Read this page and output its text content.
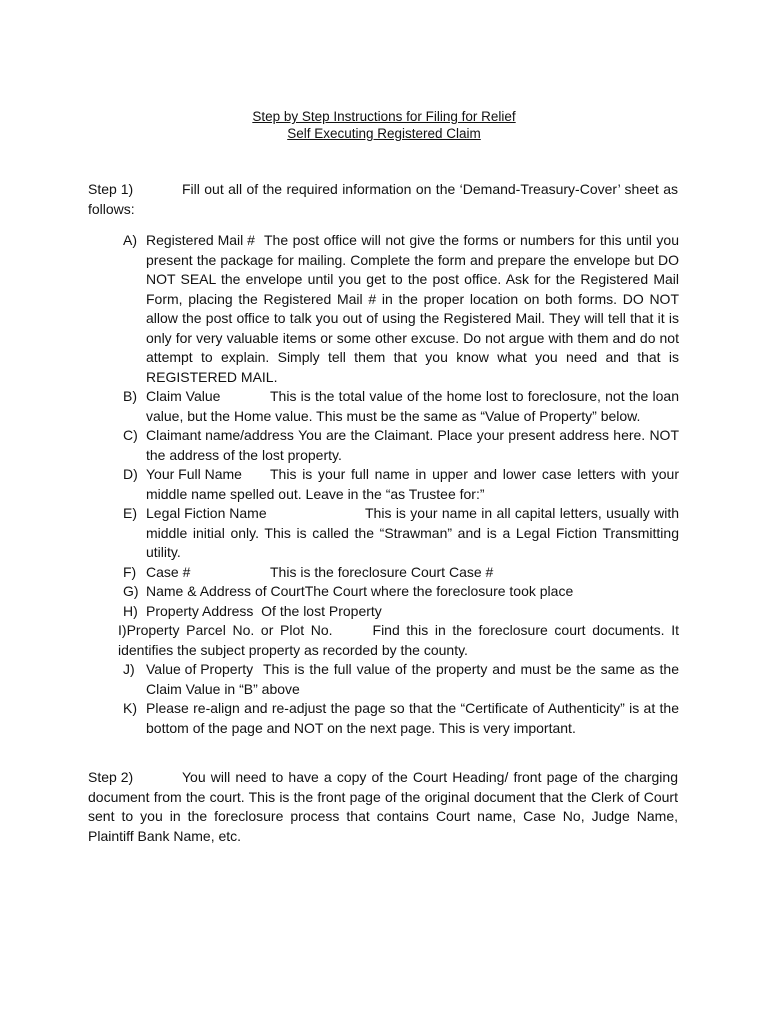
Step by Step Instructions for Filing for Relief
Self Executing Registered Claim
Step 1)	Fill out all of the required information on the ‘Demand-Treasury-Cover’ sheet as follows:
A) Registered Mail # The post office will not give the forms or numbers for this until you present the package for mailing. Complete the form and prepare the envelope but DO NOT SEAL the envelope until you get to the post office. Ask for the Registered Mail Form, placing the Registered Mail # in the proper location on both forms. DO NOT allow the post office to talk you out of using the Registered Mail. They will tell that it is only for very valuable items or some other excuse. Do not argue with them and do not attempt to explain. Simply tell them that you know what you need and that is REGISTERED MAIL.
B) Claim Value	This is the total value of the home lost to foreclosure, not the loan value, but the Home value. This must be the same as “Value of Property” below.
C) Claimant name/address You are the Claimant. Place your present address here. NOT the address of the lost property.
D) Your Full Name This is your full name in upper and lower case letters with your middle name spelled out. Leave in the “as Trustee for:”
E) Legal Fiction Name	This is your name in all capital letters, usually with middle initial only. This is called the “Strawman” and is a Legal Fiction Transmitting utility.
F) Case #	This is the foreclosure Court Case #
G) Name & Address of CourtThe Court where the foreclosure took place
H) Property Address Of the lost Property
I)Property Parcel No. or Plot No.	Find this in the foreclosure court documents. It identifies the subject property as recorded by the county.
J) Value of Property This is the full value of the property and must be the same as the Claim Value in “B” above
K) Please re-align and re-adjust the page so that the “Certificate of Authenticity” is at the bottom of the page and NOT on the next page. This is very important.
Step 2)	You will need to have a copy of the Court Heading/ front page of the charging document from the court. This is the front page of the original document that the Clerk of Court sent to you in the foreclosure process that contains Court name, Case No, Judge Name, Plaintiff Bank Name, etc.
